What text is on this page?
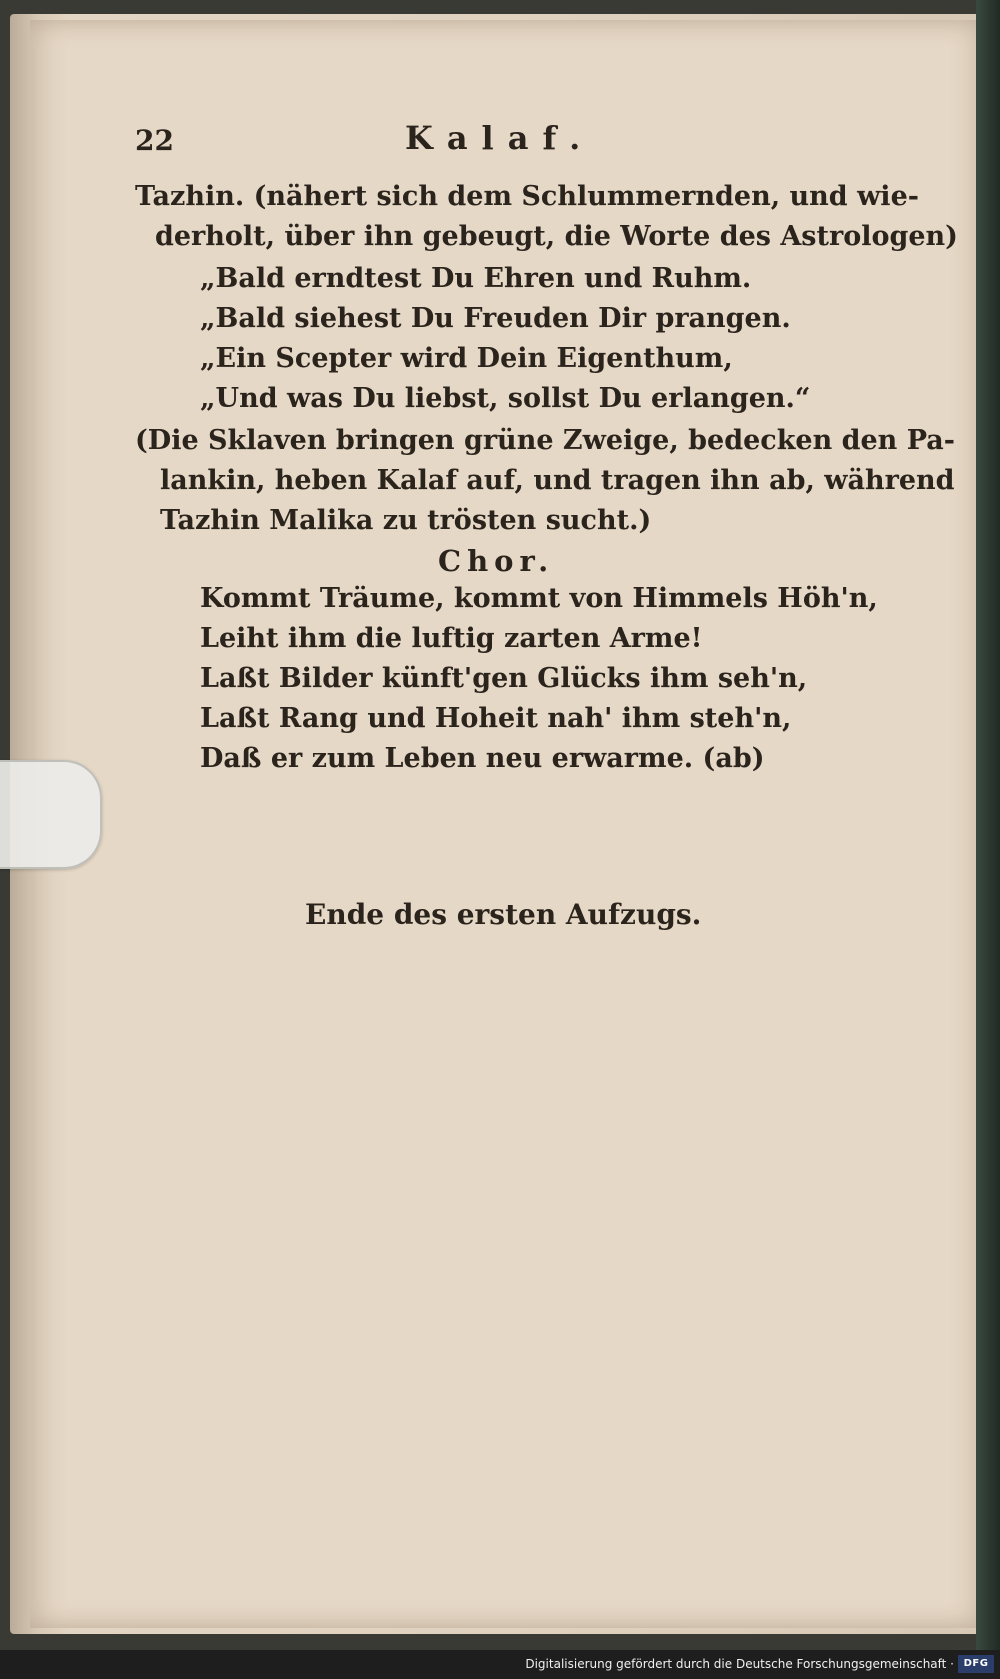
22	Kalaf.
Tazhin. (nähert sich dem Schlummernden, und wie-
derholt, über ihn gebeugt, die Worte des Astrologen)
„Bald erndtest Du Ehren und Ruhm.
„Bald siehest Du Freuden Dir prangen.
„Ein Scepter wird Dein Eigenthum,
„Und was Du liebst, sollst Du erlangen.“
(Die Sklaven bringen grüne Zweige, bedecken den Pa-
lankin, heben Kalaf auf, und tragen ihn ab, während
Tazhin Malika zu trösten sucht.)
Chor.
Kommt Träume, kommt von Himmels Höh'n,
Leiht ihm die luftig zarten Arme!
Laßt Bilder künft'gen Glücks ihm seh'n,
Laßt Rang und Hoheit nah' ihm steh'n,
Daß er zum Leben neu erwarme. (ab)
Ende des ersten Aufzugs.
Digitalisierung gefördert durch die Deutsche Forschungsgemeinschaft · DFG
